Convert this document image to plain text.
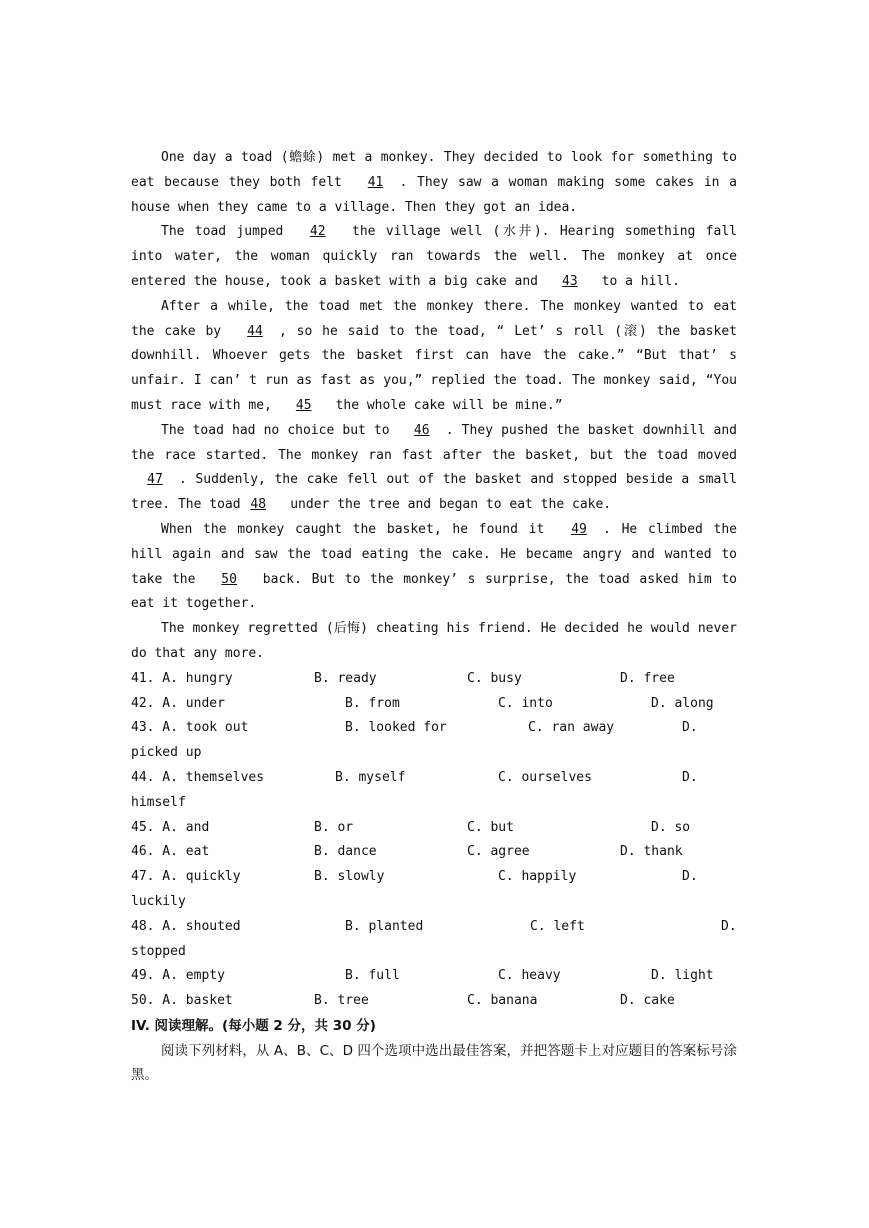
One day a toad (蟾蜍) met a monkey. They decided to look for something to eat because they both felt 41 . They saw a woman making some cakes in a house when they came to a village. Then they got an idea.

The toad jumped 42 the village well (水井). Hearing something fall into water, the woman quickly ran towards the well. The monkey at once entered the house, took a basket with a big cake and 43 to a hill.

After a while, the toad met the monkey there. The monkey wanted to eat the cake by 44 , so he said to the toad, “ Let’ s roll (滚) the basket downhill. Whoever gets the basket first can have the cake.” “But that’ s unfair. I can’ t run as fast as you,” replied the toad. The monkey said, “You must race with me, 45 the whole cake will be mine.”

The toad had no choice but to 46 . They pushed the basket downhill and the race started. The monkey ran fast after the basket, but the toad moved 47 . Suddenly, the cake fell out of the basket and stopped beside a small tree. The toad 48 under the tree and began to eat the cake.

When the monkey caught the basket, he found it 49 . He climbed the hill again and saw the toad eating the cake. He became angry and wanted to take the 50 back. But to the monkey’ s surprise, the toad asked him to eat it together.

The monkey regretted (后悔) cheating his friend. He decided he would never do that any more.

41. A. hungry	B. ready	C. busy	D. free
42. A. under	B. from	C. into	D. along
43. A. took out	B. looked for	C. ran away	D.
picked up
44. A. themselves	B. myself	C. ourselves	D.
himself
45. A. and	B. or	C. but	D. so
46. A. eat	B. dance	C. agree	D. thank
47. A. quickly	B. slowly	C. happily	D.
luckily
48. A. shouted	B. planted	C. left	D.
stopped
49. A. empty	B. full	C. heavy	D. light
50. A. basket	B. tree	C. banana	D. cake

IV. 阅读理解。(每小题 2 分，共 30 分)

阅读下列材料，从 A、B、C、D 四个选项中选出最佳答案，并把答题卡上对应题目的答案标号涂黑。
